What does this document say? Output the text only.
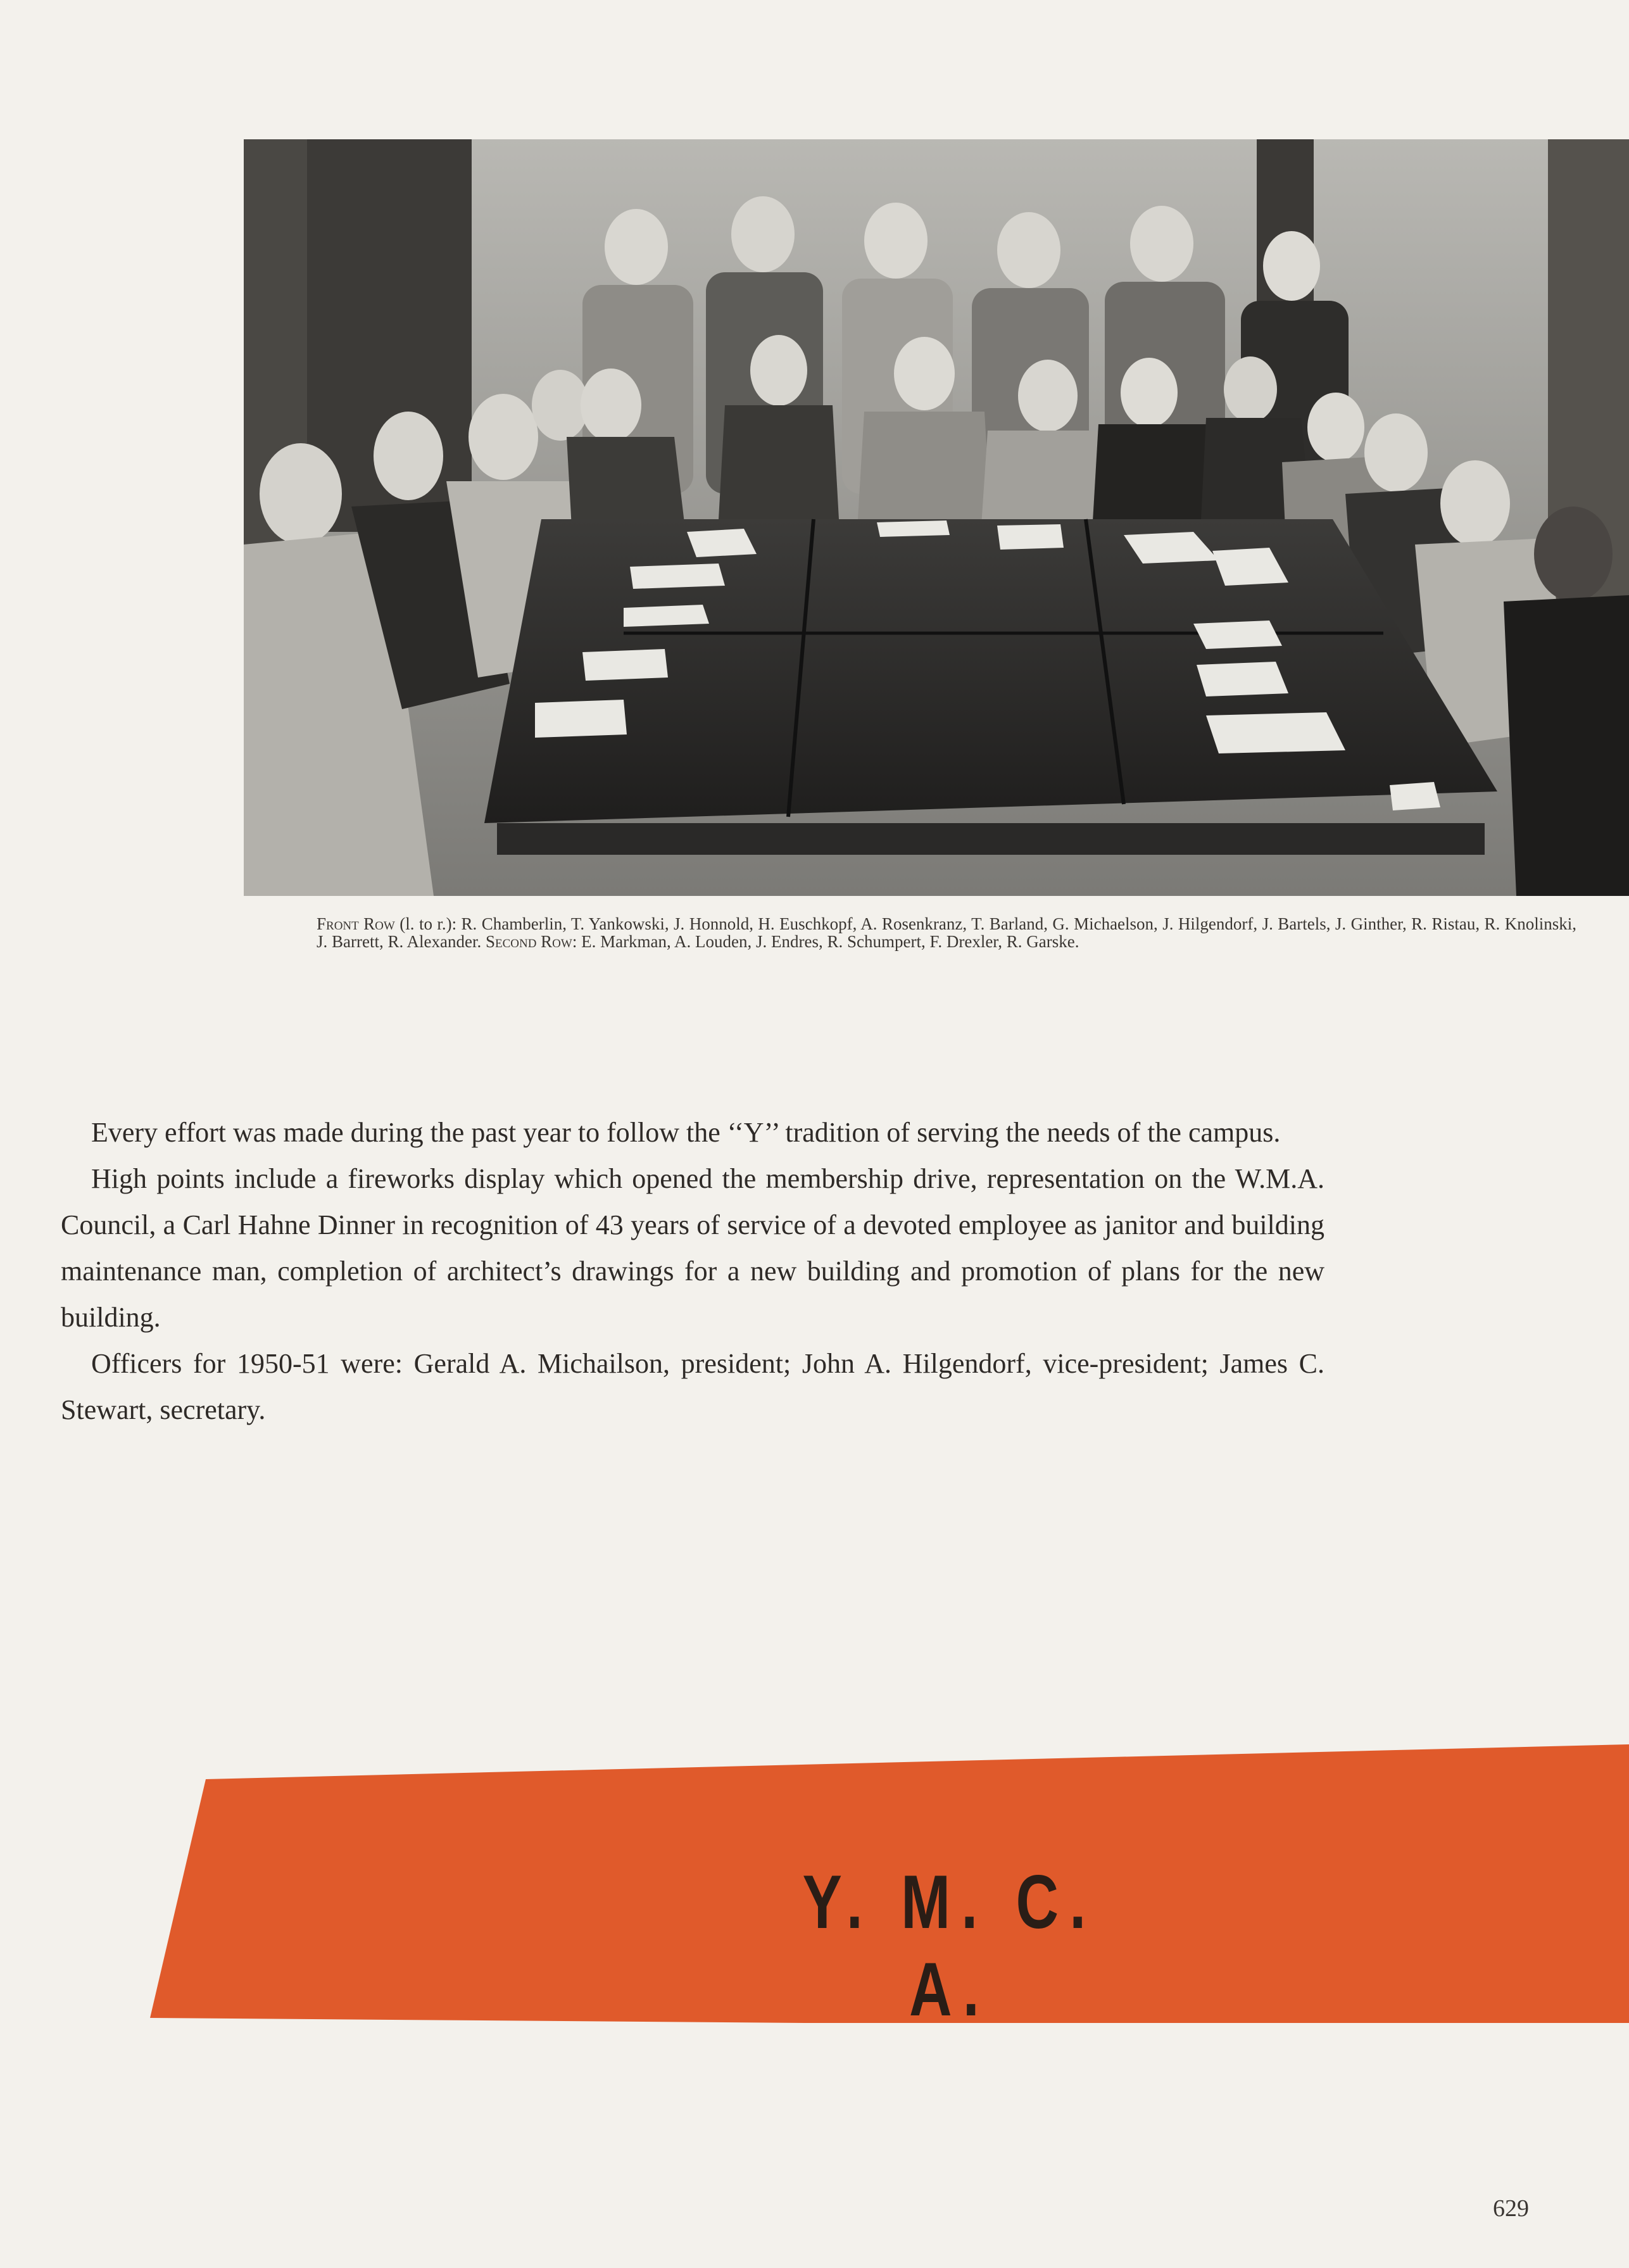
Front Row (l. to r.): R. Chamberlin, T. Yankowski, J. Honnold, H. Euschkopf, A. Rosenkranz, T. Barland, G. Michaelson, J. Hilgendorf, J. Bartels, J. Ginther, R. Ristau, R. Knolinski, J. Barrett, R. Alexander. Second Row: E. Markman, A. Louden, J. Endres, R. Schumpert, F. Drexler, R. Garske.

Every effort was made during the past year to follow the ‘‘Y’’ tradition of serving the needs of the campus.

High points include a fireworks display which opened the membership drive, representation on the W.M.A. Council, a Carl Hahne Dinner in recognition of 43 years of service of a devoted employee as janitor and building maintenance man, completion of architect’s drawings for a new building and promotion of plans for the new building.

Officers for 1950-51 were: Gerald A. Michailson, president; John A. Hilgendorf, vice-president; James C. Stewart, secretary.

Y. M. C. A.
629
